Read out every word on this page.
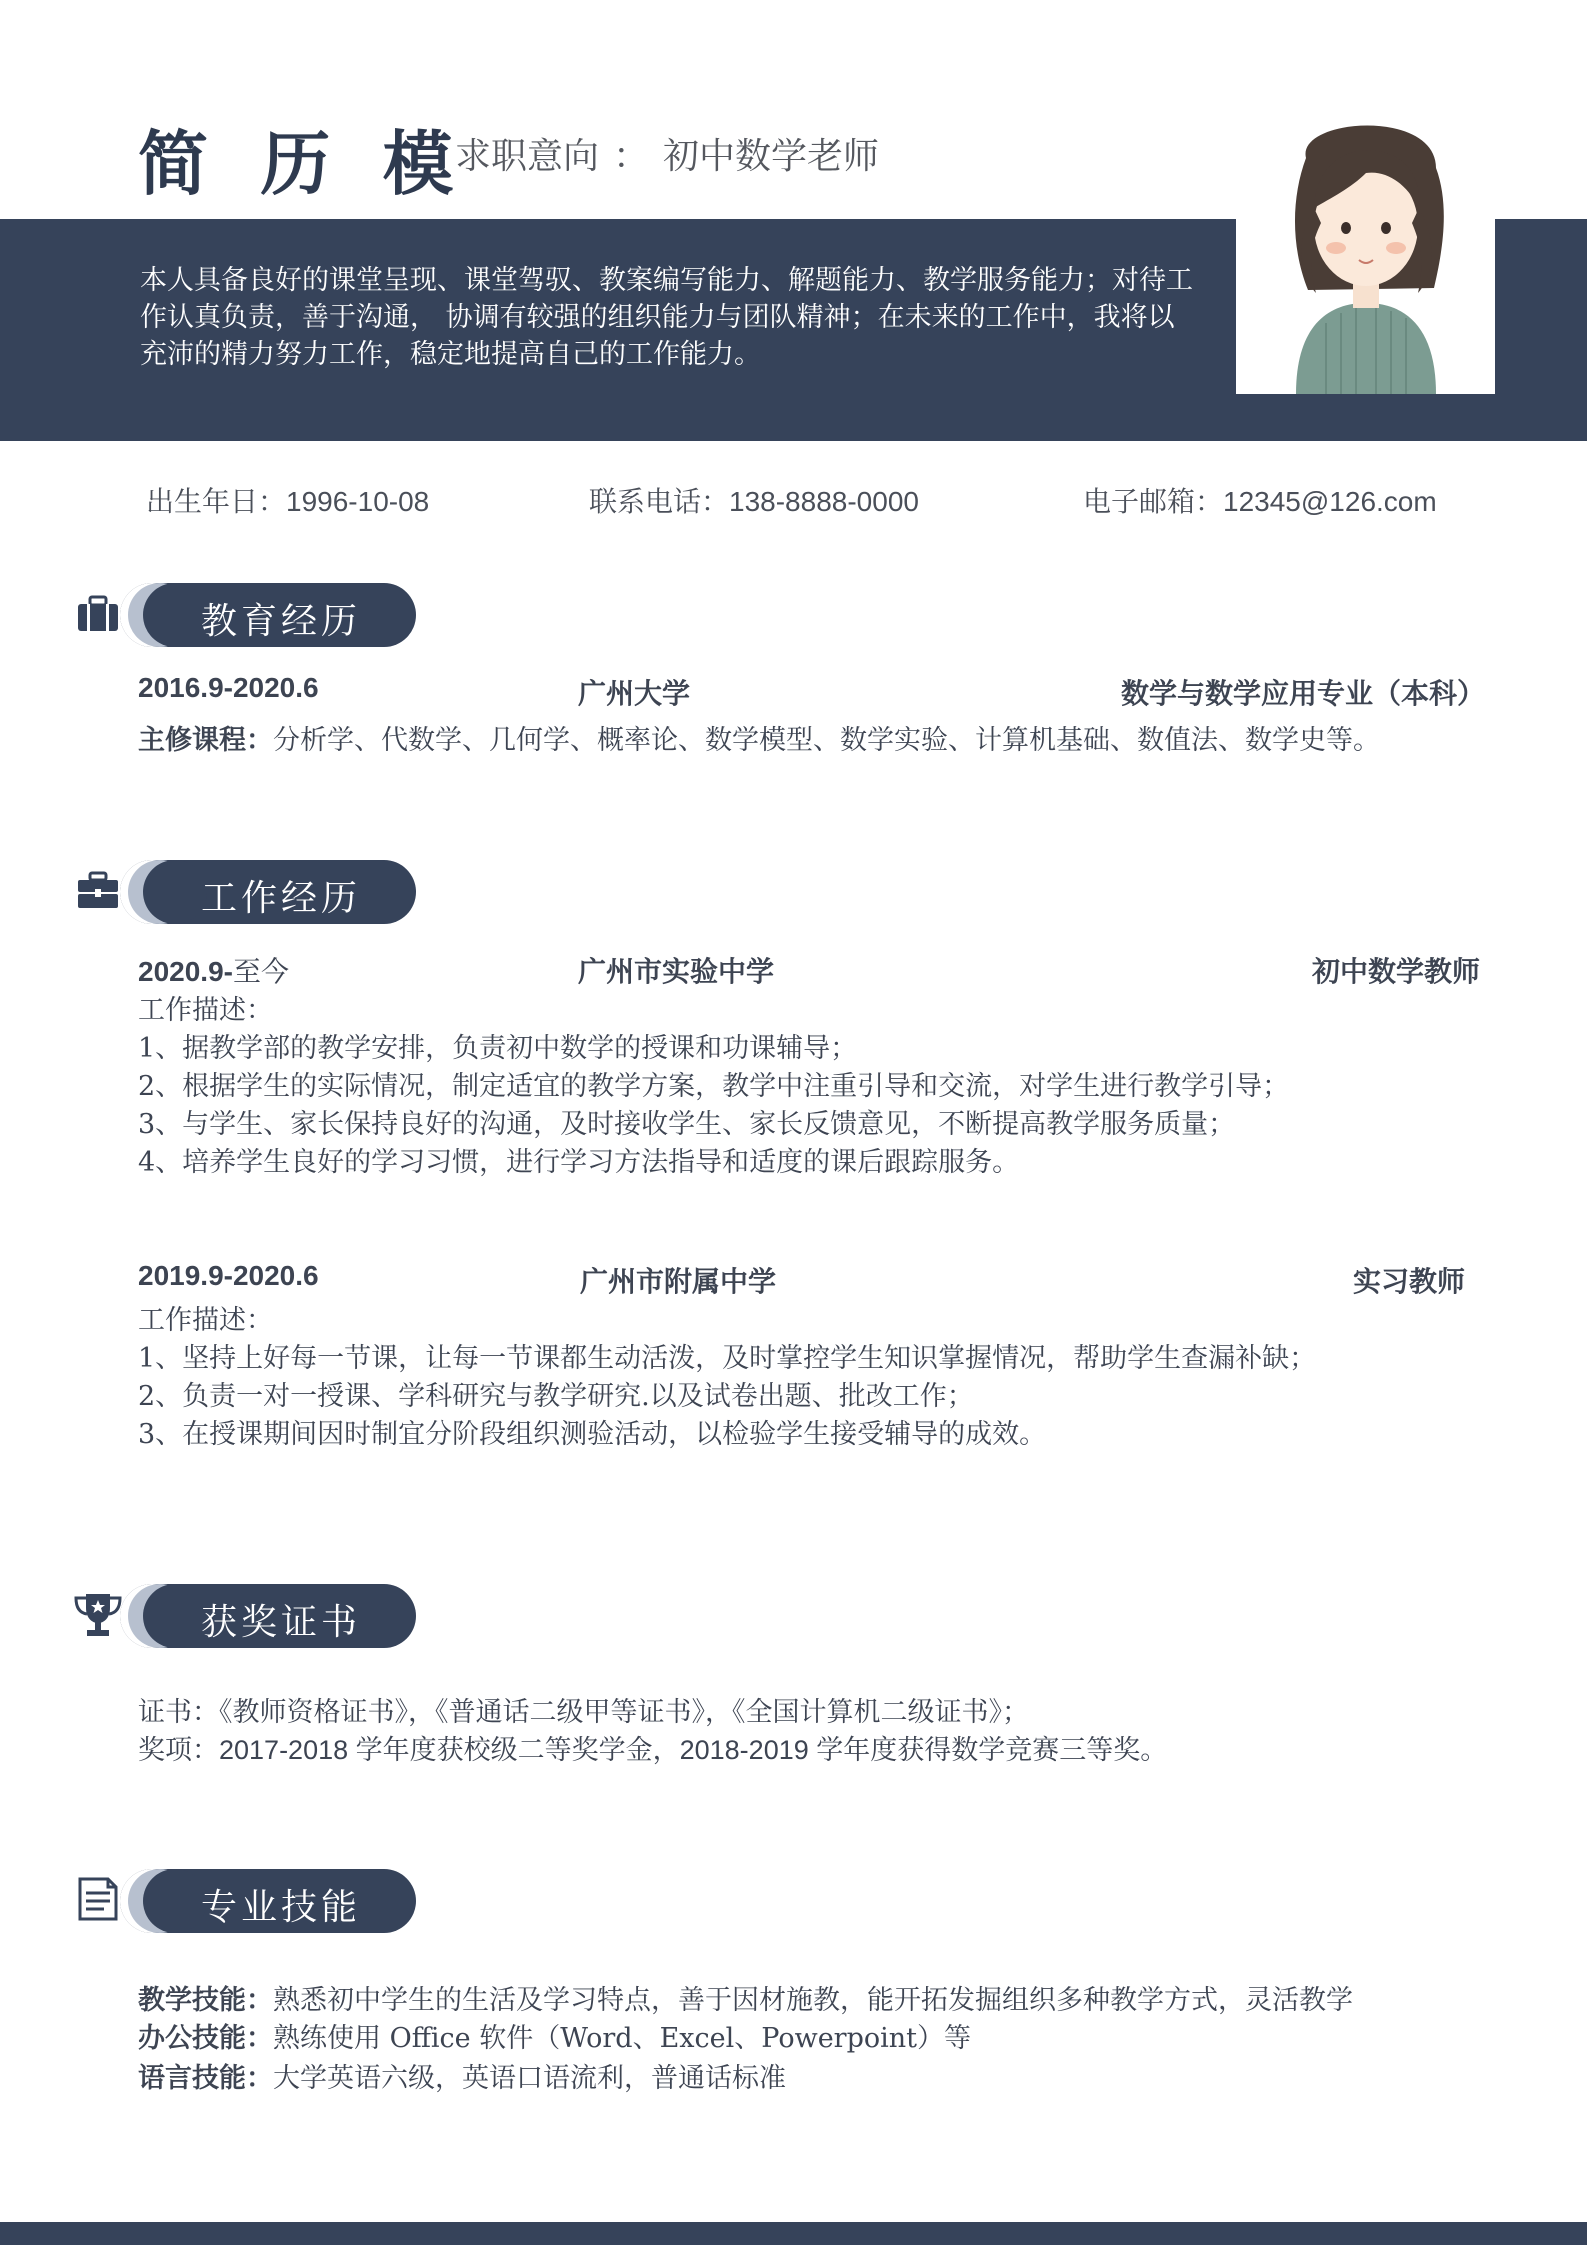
简 历 模
求职意向 ： 初中数学老师
本人具备良好的课堂呈现、课堂驾驭、教案编写能力、解题能力、教学服务能力；对待工作认真负责，善于沟通， 协调有较强的组织能力与团队精神；在未来的工作中，我将以充沛的精力努力工作，稳定地提高自己的工作能力。
出生年日：1996-10-08	联系电话：138-8888-0000	电子邮箱：12345@126.com
教育经历
2016.9-2020.6	广州大学	数学与数学应用专业（本科）
主修课程：分析学、代数学、几何学、概率论、数学模型、数学实验、计算机基础、数值法、数学史等。
工作经历
2020.9-至今	广州市实验中学	初中数学教师
工作描述：
1、据教学部的教学安排，负责初中数学的授课和功课辅导；
2、根据学生的实际情况，制定适宜的教学方案，教学中注重引导和交流，对学生进行教学引导；
3、与学生、家长保持良好的沟通，及时接收学生、家长反馈意见，不断提高教学服务质量；
4、培养学生良好的学习习惯，进行学习方法指导和适度的课后跟踪服务。
2019.9-2020.6	广州市附属中学	实习教师
工作描述：
1、坚持上好每一节课，让每一节课都生动活泼，及时掌控学生知识掌握情况，帮助学生查漏补缺；
2、负责一对一授课、学科研究与教学研究.以及试卷出题、批改工作；
3、在授课期间因时制宜分阶段组织测验活动，以检验学生接受辅导的成效。
获奖证书
证书：《教师资格证书》，《普通话二级甲等证书》，《全国计算机二级证书》；
奖项：2017-2018 学年度获校级二等奖学金，2018-2019 学年度获得数学竞赛三等奖。
专业技能
教学技能：熟悉初中学生的生活及学习特点，善于因材施教，能开拓发掘组织多种教学方式，灵活教学
办公技能：熟练使用 Office 软件（Word、Excel、Powerpoint）等
语言技能：大学英语六级，英语口语流利，普通话标准
